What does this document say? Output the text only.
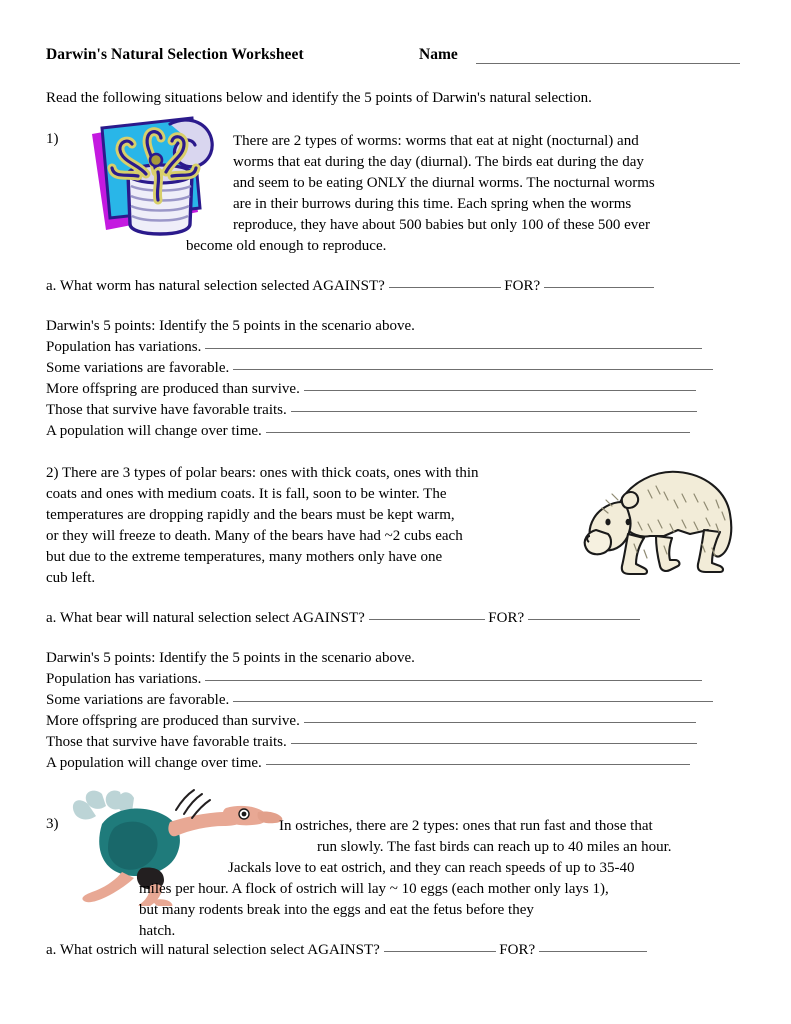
Darwin's Natural Selection Worksheet	Name
Read the following situations below and identify the 5 points of Darwin's natural selection.
1)	There are 2 types of worms: worms that eat at night (nocturnal) and

worms that eat during the day (diurnal). The birds eat during the day

and seem to be eating ONLY the diurnal worms. The nocturnal worms

are in their burrows during this time. Each spring when the worms

reproduce, they have about 500 babies but only 100 of these 500 ever

become old enough to reproduce.

a. What worm has natural selection selected AGAINST?	FOR?
Darwin's 5 points: Identify the 5 points in the scenario above.
Population has variations.
Some variations are favorable.
More offspring are produced than survive.
Those that survive have favorable traits.
A population will change over time.

2) There are 3 types of polar bears: ones with thick coats, ones with thin

coats and ones with medium coats. It is fall, soon to be winter. The

temperatures are dropping rapidly and the bears must be kept warm,

or they will freeze to death. Many of the bears have had ~2 cubs each

but due to the extreme temperatures, many mothers only have one

cub left.

a. What bear will natural selection select AGAINST?	FOR?
Darwin's 5 points: Identify the 5 points in the scenario above.
Population has variations.
Some variations are favorable.
More offspring are produced than survive.
Those that survive have favorable traits.
A population will change over time.
3)	In ostriches, there are 2 types: ones that run fast and those that

run slowly. The fast birds can reach up to 40 miles an hour.

Jackals love to eat ostrich, and they can reach speeds of up to 35-40

miles per hour. A flock of ostrich will lay ~ 10 eggs (each mother only lays 1),

but many rodents break into the eggs and eat the fetus before they

hatch.

a. What ostrich will natural selection select AGAINST?	FOR?
